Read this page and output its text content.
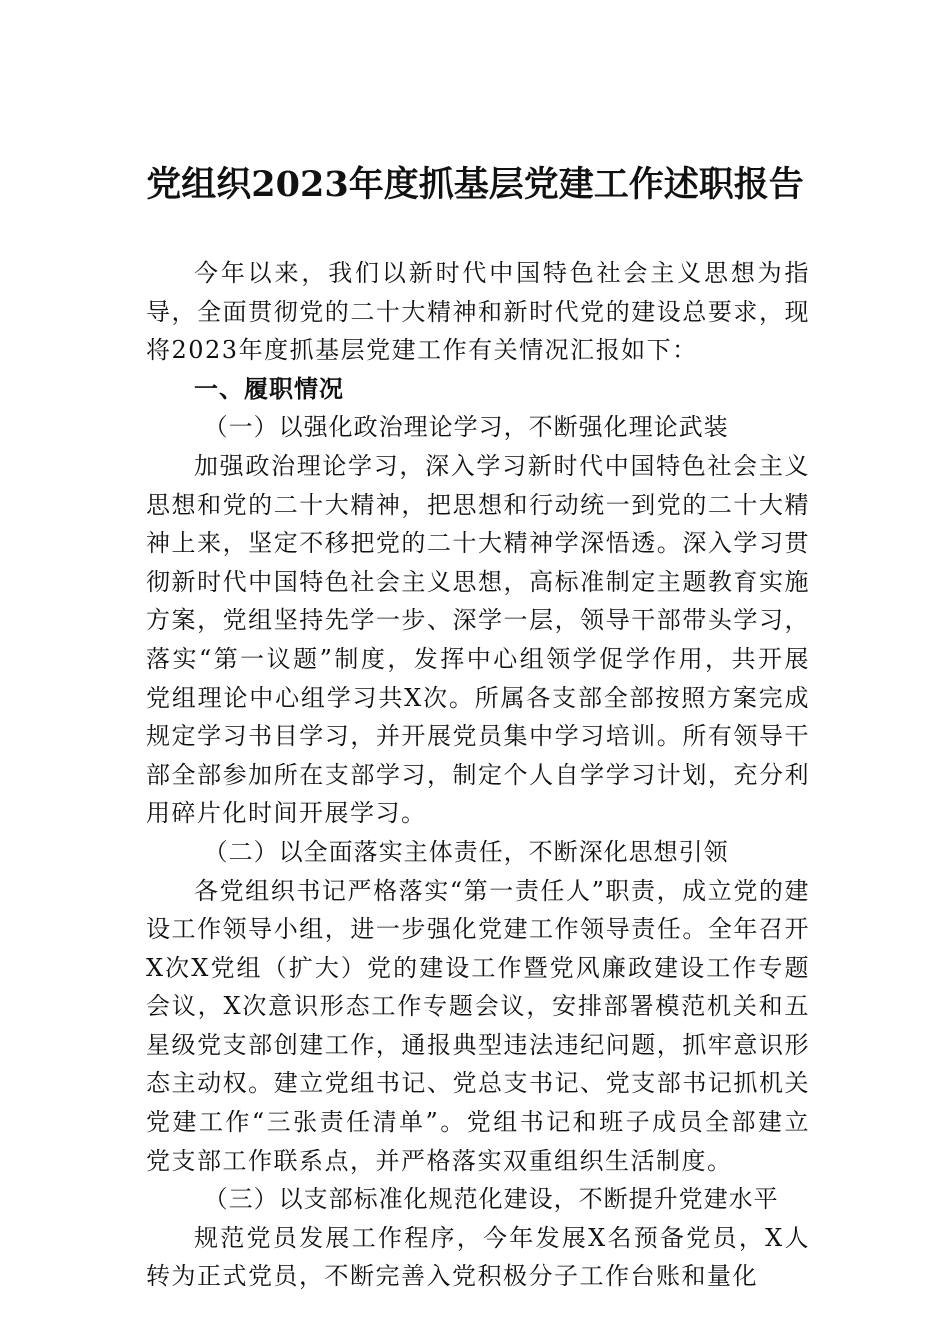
党组织2023年度抓基层党建工作述职报告

今年以来，我们以新时代中国特色社会主义思想为指导，全面贯彻党的二十大精神和新时代党的建设总要求，现将2023年度抓基层党建工作有关情况汇报如下：

一、履职情况

（一）以强化政治理论学习，不断强化理论武装

加强政治理论学习，深入学习新时代中国特色社会主义思想和党的二十大精神，把思想和行动统一到党的二十大精神上来，坚定不移把党的二十大精神学深悟透。深入学习贯彻新时代中国特色社会主义思想，高标准制定主题教育实施方案，党组坚持先学一步、深学一层，领导干部带头学习，落实“第一议题”制度，发挥中心组领学促学作用，共开展党组理论中心组学习共X次。所属各支部全部按照方案完成规定学习书目学习，并开展党员集中学习培训。所有领导干部全部参加所在支部学习，制定个人自学学习计划，充分利用碎片化时间开展学习。

（二）以全面落实主体责任，不断深化思想引领

各党组织书记严格落实“第一责任人”职责，成立党的建设工作领导小组，进一步强化党建工作领导责任。全年召开X次X党组（扩大）党的建设工作暨党风廉政建设工作专题会议，X次意识形态工作专题会议，安排部署模范机关和五星级党支部创建工作，通报典型违法违纪问题，抓牢意识形态主动权。建立党组书记、党总支书记、党支部书记抓机关党建工作“三张责任清单”。党组书记和班子成员全部建立党支部工作联系点，并严格落实双重组织生活制度。

（三）以支部标准化规范化建设，不断提升党建水平

规范党员发展工作程序，今年发展X名预备党员，X人转为正式党员，不断完善入党积极分子工作台账和量化
